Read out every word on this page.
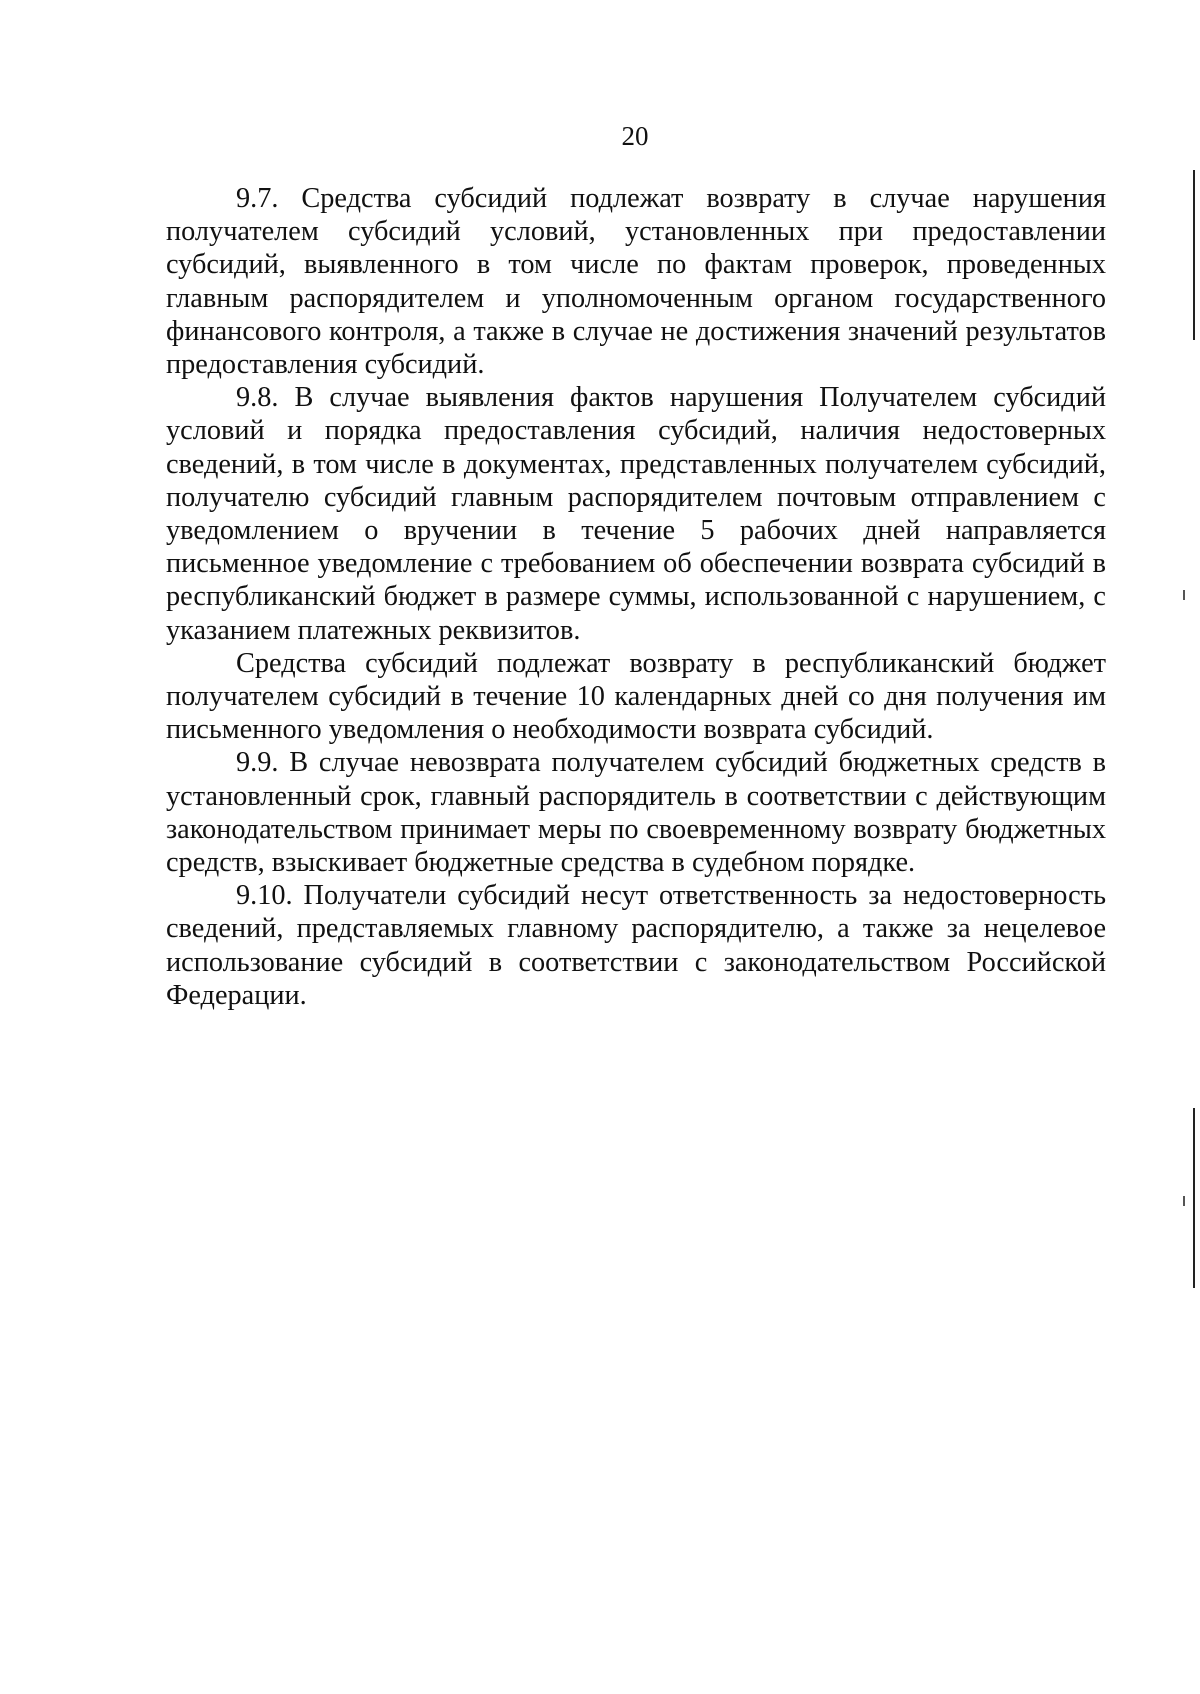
20

9.7. Средства субсидий подлежат возврату в случае нарушения получателем субсидий условий, установленных при предоставлении субсидий, выявленного в том числе по фактам проверок, проведенных главным распорядителем и уполномоченным органом государственного финансового контроля, а также в случае не достижения значений результатов предоставления субсидий.

9.8. В случае выявления фактов нарушения Получателем субсидий условий и порядка предоставления субсидий, наличия недостоверных сведений, в том числе в документах, представленных получателем субсидий, получателю субсидий главным распорядителем почтовым отправлением с уведомлением о вручении в течение 5 рабочих дней направляется письменное уведомление с требованием об обеспечении возврата субсидий в республиканский бюджет в размере суммы, использованной с нарушением, с указанием платежных реквизитов.

Средства субсидий подлежат возврату в республиканский бюджет получателем субсидий в течение 10 календарных дней со дня получения им письменного уведомления о необходимости возврата субсидий.

9.9. В случае невозврата получателем субсидий бюджетных средств в установленный срок, главный распорядитель в соответствии с действующим законодательством принимает меры по своевременному возврату бюджетных средств, взыскивает бюджетные средства в судебном порядке.

9.10. Получатели субсидий несут ответственность за недостоверность сведений, представляемых главному распорядителю, а также за нецелевое использование субсидий в соответствии с законодательством Российской Федерации.
